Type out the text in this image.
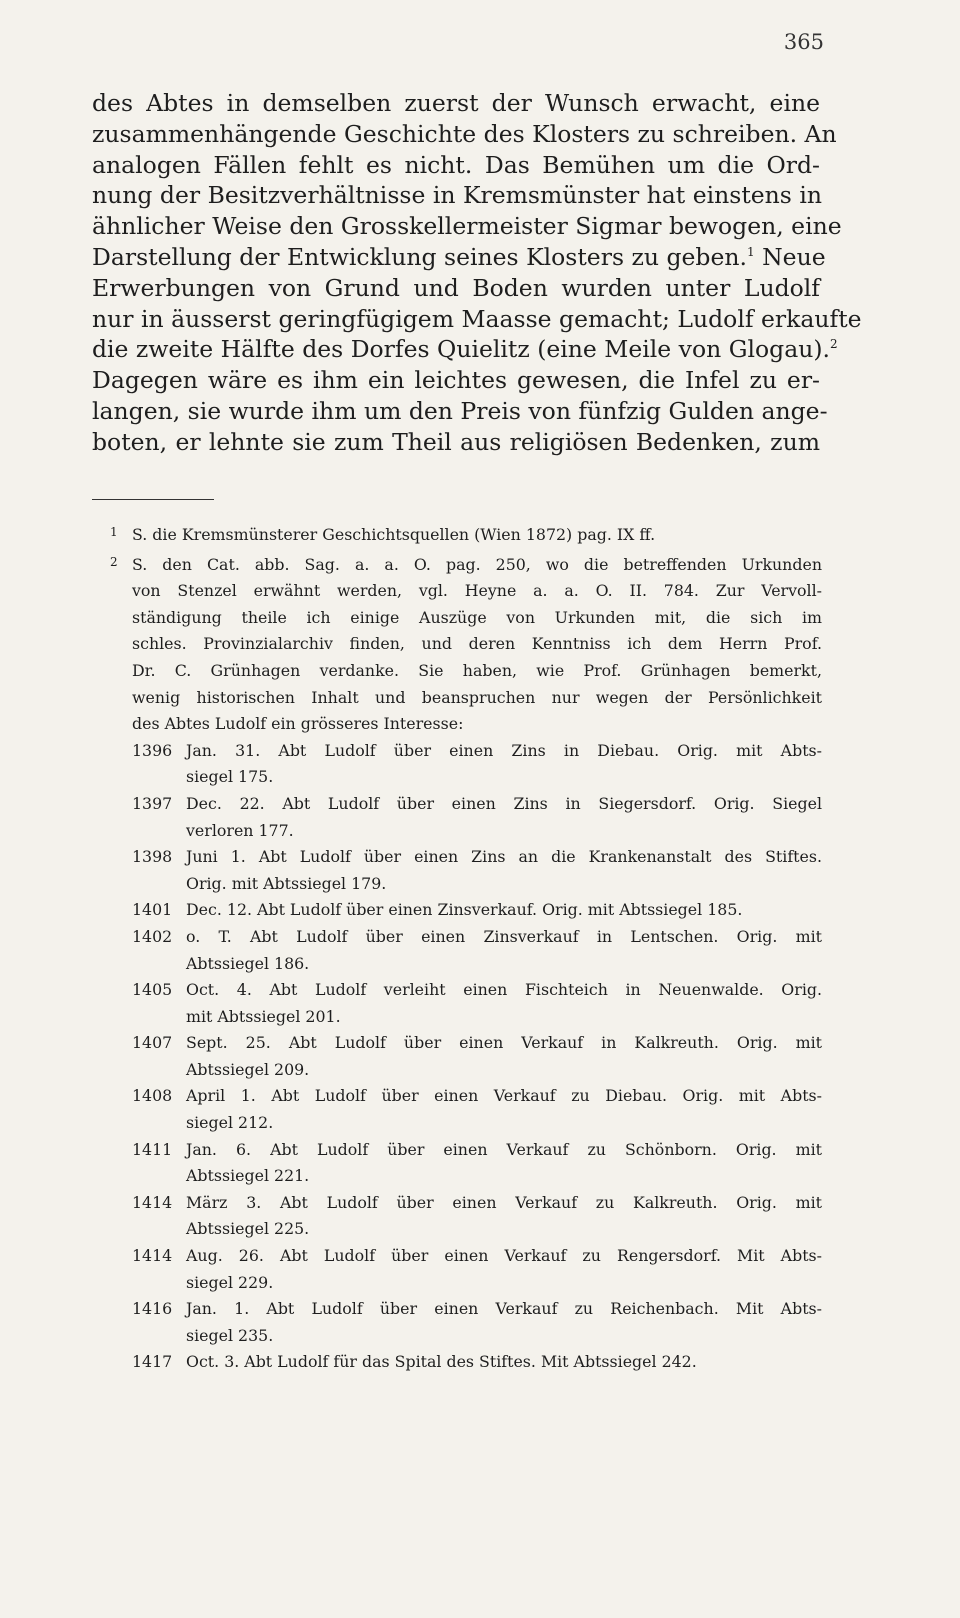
365
des Abtes in demselben zuerst der Wunsch erwacht, eine
zusammenhängende Geschichte des Klosters zu schreiben. An
analogen Fällen fehlt es nicht. Das Bemühen um die Ord-
nung der Besitzverhältnisse in Kremsmünster hat einstens in
ähnlicher Weise den Grosskellermeister Sigmar bewogen, eine
Darstellung der Entwicklung seines Klosters zu geben.$^1$ Neue
Erwerbungen von Grund und Boden wurden unter Ludolf
nur in äusserst geringfügigem Maasse gemacht; Ludolf erkaufte
die zweite Hälfte des Dorfes Quielitz (eine Meile von Glogau).$^2$
Dagegen wäre es ihm ein leichtes gewesen, die Infel zu er-
langen, sie wurde ihm um den Preis von fünfzig Gulden ange-
boten, er lehnte sie zum Theil aus religiösen Bedenken, zum
1 S. die Kremsmünsterer Geschichtsquellen (Wien 1872) pag. IX ff.
2 S. den Cat. abb. Sag. a. a. O. pag. 250, wo die betreffenden Urkunden
von Stenzel erwähnt werden, vgl. Heyne a. a. O. II. 784. Zur Vervoll-
ständigung theile ich einige Auszüge von Urkunden mit, die sich im
schles. Provinzialarchiv finden, und deren Kenntniss ich dem Herrn Prof.
Dr. C. Grünhagen verdanke. Sie haben, wie Prof. Grünhagen bemerkt,
wenig historischen Inhalt und beanspruchen nur wegen der Persönlichkeit
des Abtes Ludolf ein grösseres Interesse:
1396 Jan. 31. Abt Ludolf über einen Zins in Diebau. Orig. mit Abts-
siegel 175.
1397 Dec. 22. Abt Ludolf über einen Zins in Siegersdorf. Orig. Siegel
verloren 177.
1398 Juni 1. Abt Ludolf über einen Zins an die Krankenanstalt des Stiftes.
Orig. mit Abtssiegel 179.
1401 Dec. 12. Abt Ludolf über einen Zinsverkauf. Orig. mit Abtssiegel 185.
1402 o. T. Abt Ludolf über einen Zinsverkauf in Lentschen. Orig. mit
Abtssiegel 186.
1405 Oct. 4. Abt Ludolf verleiht einen Fischteich in Neuenwalde. Orig.
mit Abtssiegel 201.
1407 Sept. 25. Abt Ludolf über einen Verkauf in Kalkreuth. Orig. mit
Abtssiegel 209.
1408 April 1. Abt Ludolf über einen Verkauf zu Diebau. Orig. mit Abts-
siegel 212.
1411 Jan. 6. Abt Ludolf über einen Verkauf zu Schönborn. Orig. mit
Abtssiegel 221.
1414 März 3. Abt Ludolf über einen Verkauf zu Kalkreuth. Orig. mit
Abtssiegel 225.
1414 Aug. 26. Abt Ludolf über einen Verkauf zu Rengersdorf. Mit Abts-
siegel 229.
1416 Jan. 1. Abt Ludolf über einen Verkauf zu Reichenbach. Mit Abts-
siegel 235.
1417 Oct. 3. Abt Ludolf für das Spital des Stiftes. Mit Abtssiegel 242.
